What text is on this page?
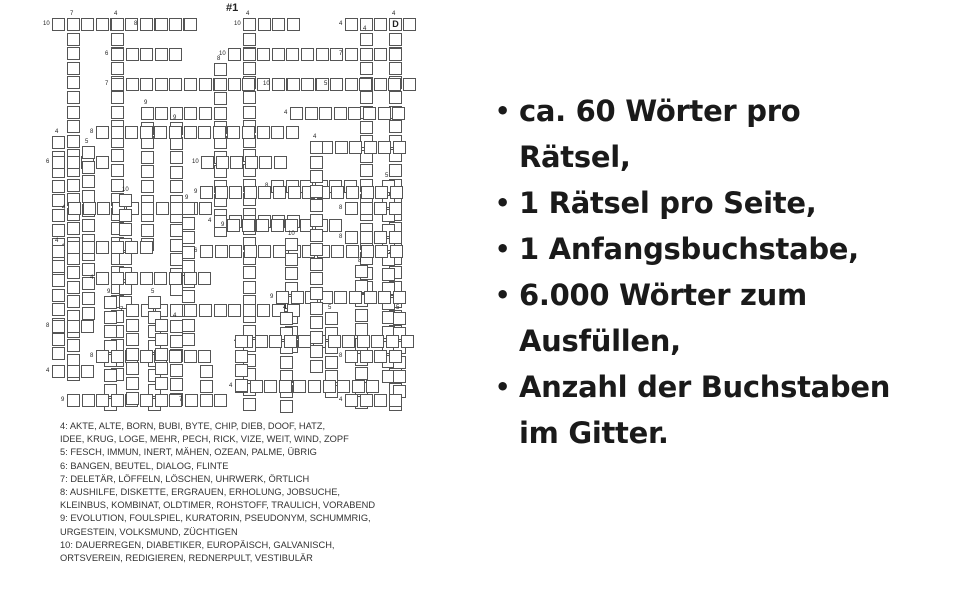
#1
D
10	8	10	4
7	4	4	4
6	10	7
4
7	10	5
8
4
9
9
8
4
6	10
5
5
9
4
10
8
4
9
9
8
6
10
4
4
8
9
9
7
5
8
4	5	5
4
8	8
4
4
9	7	4
4
4: AKTE, ALTE, BORN, BUBI, BYTE, CHIP, DIEB, DOOF, HATZ,
IDEE, KRUG, LOGE, MEHR, PECH, RICK, VIZE, WEIT, WIND, ZOPF
5: FESCH, IMMUN, INERT, MÄHEN, OZEAN, PALME, ÜBRIG
6: BANGEN, BEUTEL, DIALOG, FLINTE
7: DELETÄR, LÖFFELN, LÖSCHEN, UHRWERK, ÖRTLICH
8: AUSHILFE, DISKETTE, ERGRAUEN, ERHOLUNG, JOBSUCHE,
KLEINBUS, KOMBINAT, OLDTIMER, ROHSTOFF, TRAULICH, VORABEND
9: EVOLUTION, FOULSPIEL, KURATORIN, PSEUDONYM, SCHUMMRIG,
URGESTEIN, VOLKSMUND, ZÜCHTIGEN
10: DAUERREGEN, DIABETIKER, EUROPÄISCH, GALVANISCH,
ORTSVEREIN, REDIGIEREN, REDNERPULT, VESTIBULÄR
• ca. 60 Wörter pro
Rätsel,
• 1 Rätsel pro Seite,
• 1 Anfangsbuchstabe,
• 6.000 Wörter zum
Ausfüllen,
• Anzahl der Buchstaben
im Gitter.
